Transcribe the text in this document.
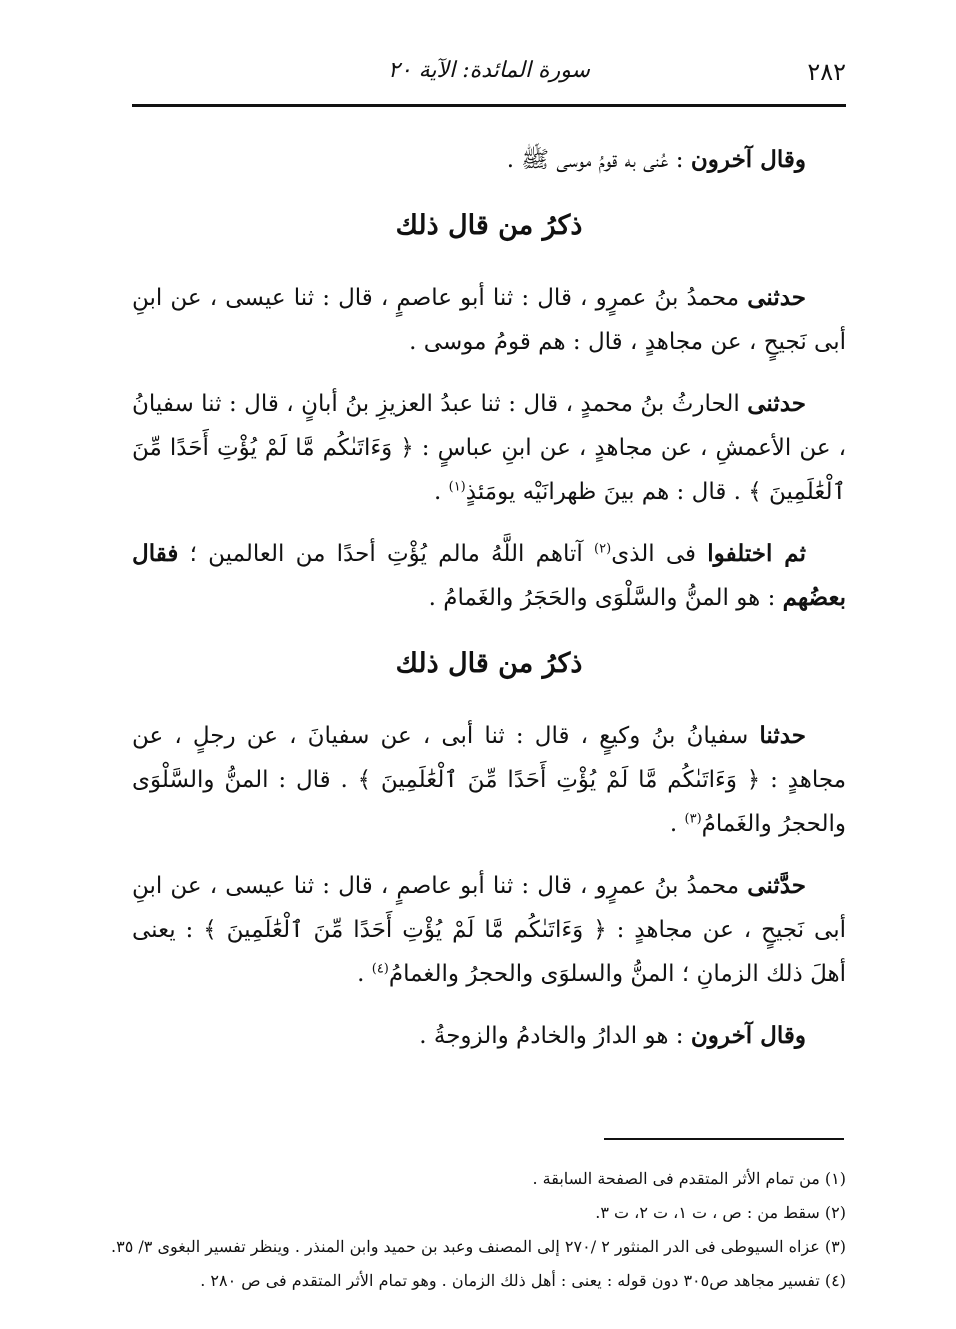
٢٨٢
سورة المائدة: الآية ٢٠

وقال آخرون : عُنى به قومُ موسى ﷺ .

ذكرُ من قال ذلك

حدثنى محمدُ بنُ عمرٍو ، قال : ثنا أبو عاصمٍ ، قال : ثنا عيسى ، عن ابنِ أبى نَجيحٍ ، عن مجاهدٍ ، قال : هم قومُ موسى .

حدثنى الحارثُ بنُ محمدٍ ، قال : ثنا عبدُ العزيزِ بنُ أبانٍ ، قال : ثنا سفيانُ ، عن الأعمشِ ، عن مجاهدٍ ، عن ابنِ عباسٍ : ﴿ وَءَاتَىٰكُم مَّا لَمْ يُؤْتِ أَحَدًا مِّنَ ٱلْعَٰلَمِينَ ﴾ . قال : هم بينَ ظهرانَيْه يومَئذٍ$^{(١)}$ .

ثم اختلفوا فى الذى$^{(٢)}$ آتاهم اللَّهُ مالم يُؤْتِ أحدًا من العالمين ؛ فقال بعضُهم : هو المنُّ والسَّلْوَى والحَجَرُ والغَمامُ .

ذكرُ من قال ذلك

حدثنا سفيانُ بنُ وكيعٍ ، قال : ثنا أبى ، عن سفيانَ ، عن رجلٍ ، عن مجاهدٍ : ﴿ وَءَاتَىٰكُم مَّا لَمْ يُؤْتِ أَحَدًا مِّنَ ٱلْعَٰلَمِينَ ﴾ . قال : المنُّ والسَّلْوَى والحجرُ والغَمامُ$^{(٣)}$ .

حدَّثنى محمدُ بنُ عمرٍو ، قال : ثنا أبو عاصمٍ ، قال : ثنا عيسى ، عن ابنِ أبى نَجيحٍ ، عن مجاهدٍ : ﴿ وَءَاتَىٰكُم مَّا لَمْ يُؤْتِ أَحَدًا مِّنَ ٱلْعَٰلَمِينَ ﴾ : يعنى أهلَ ذلك الزمانِ ؛ المنُّ والسلوَى والحجرُ والغمامُ$^{(٤)}$ .

وقال آخرون : هو الدارُ والخادمُ والزوجةُ .

(١) من تمام الأثر المتقدم فى الصفحة السابقة .

(٢) سقط من : ص ، ت ١، ت ٢، ت ٣.

(٣) عزاه السيوطى فى الدر المنثور ٢ /٢٧٠ إلى المصنف وعبد بن حميد وابن المنذر . وينظر تفسير البغوى ٣/ ٣٥.

(٤) تفسير مجاهد ص٣٠٥ دون قوله : يعنى : أهل ذلك الزمان . وهو تمام الأثر المتقدم فى ص ٢٨٠ .
